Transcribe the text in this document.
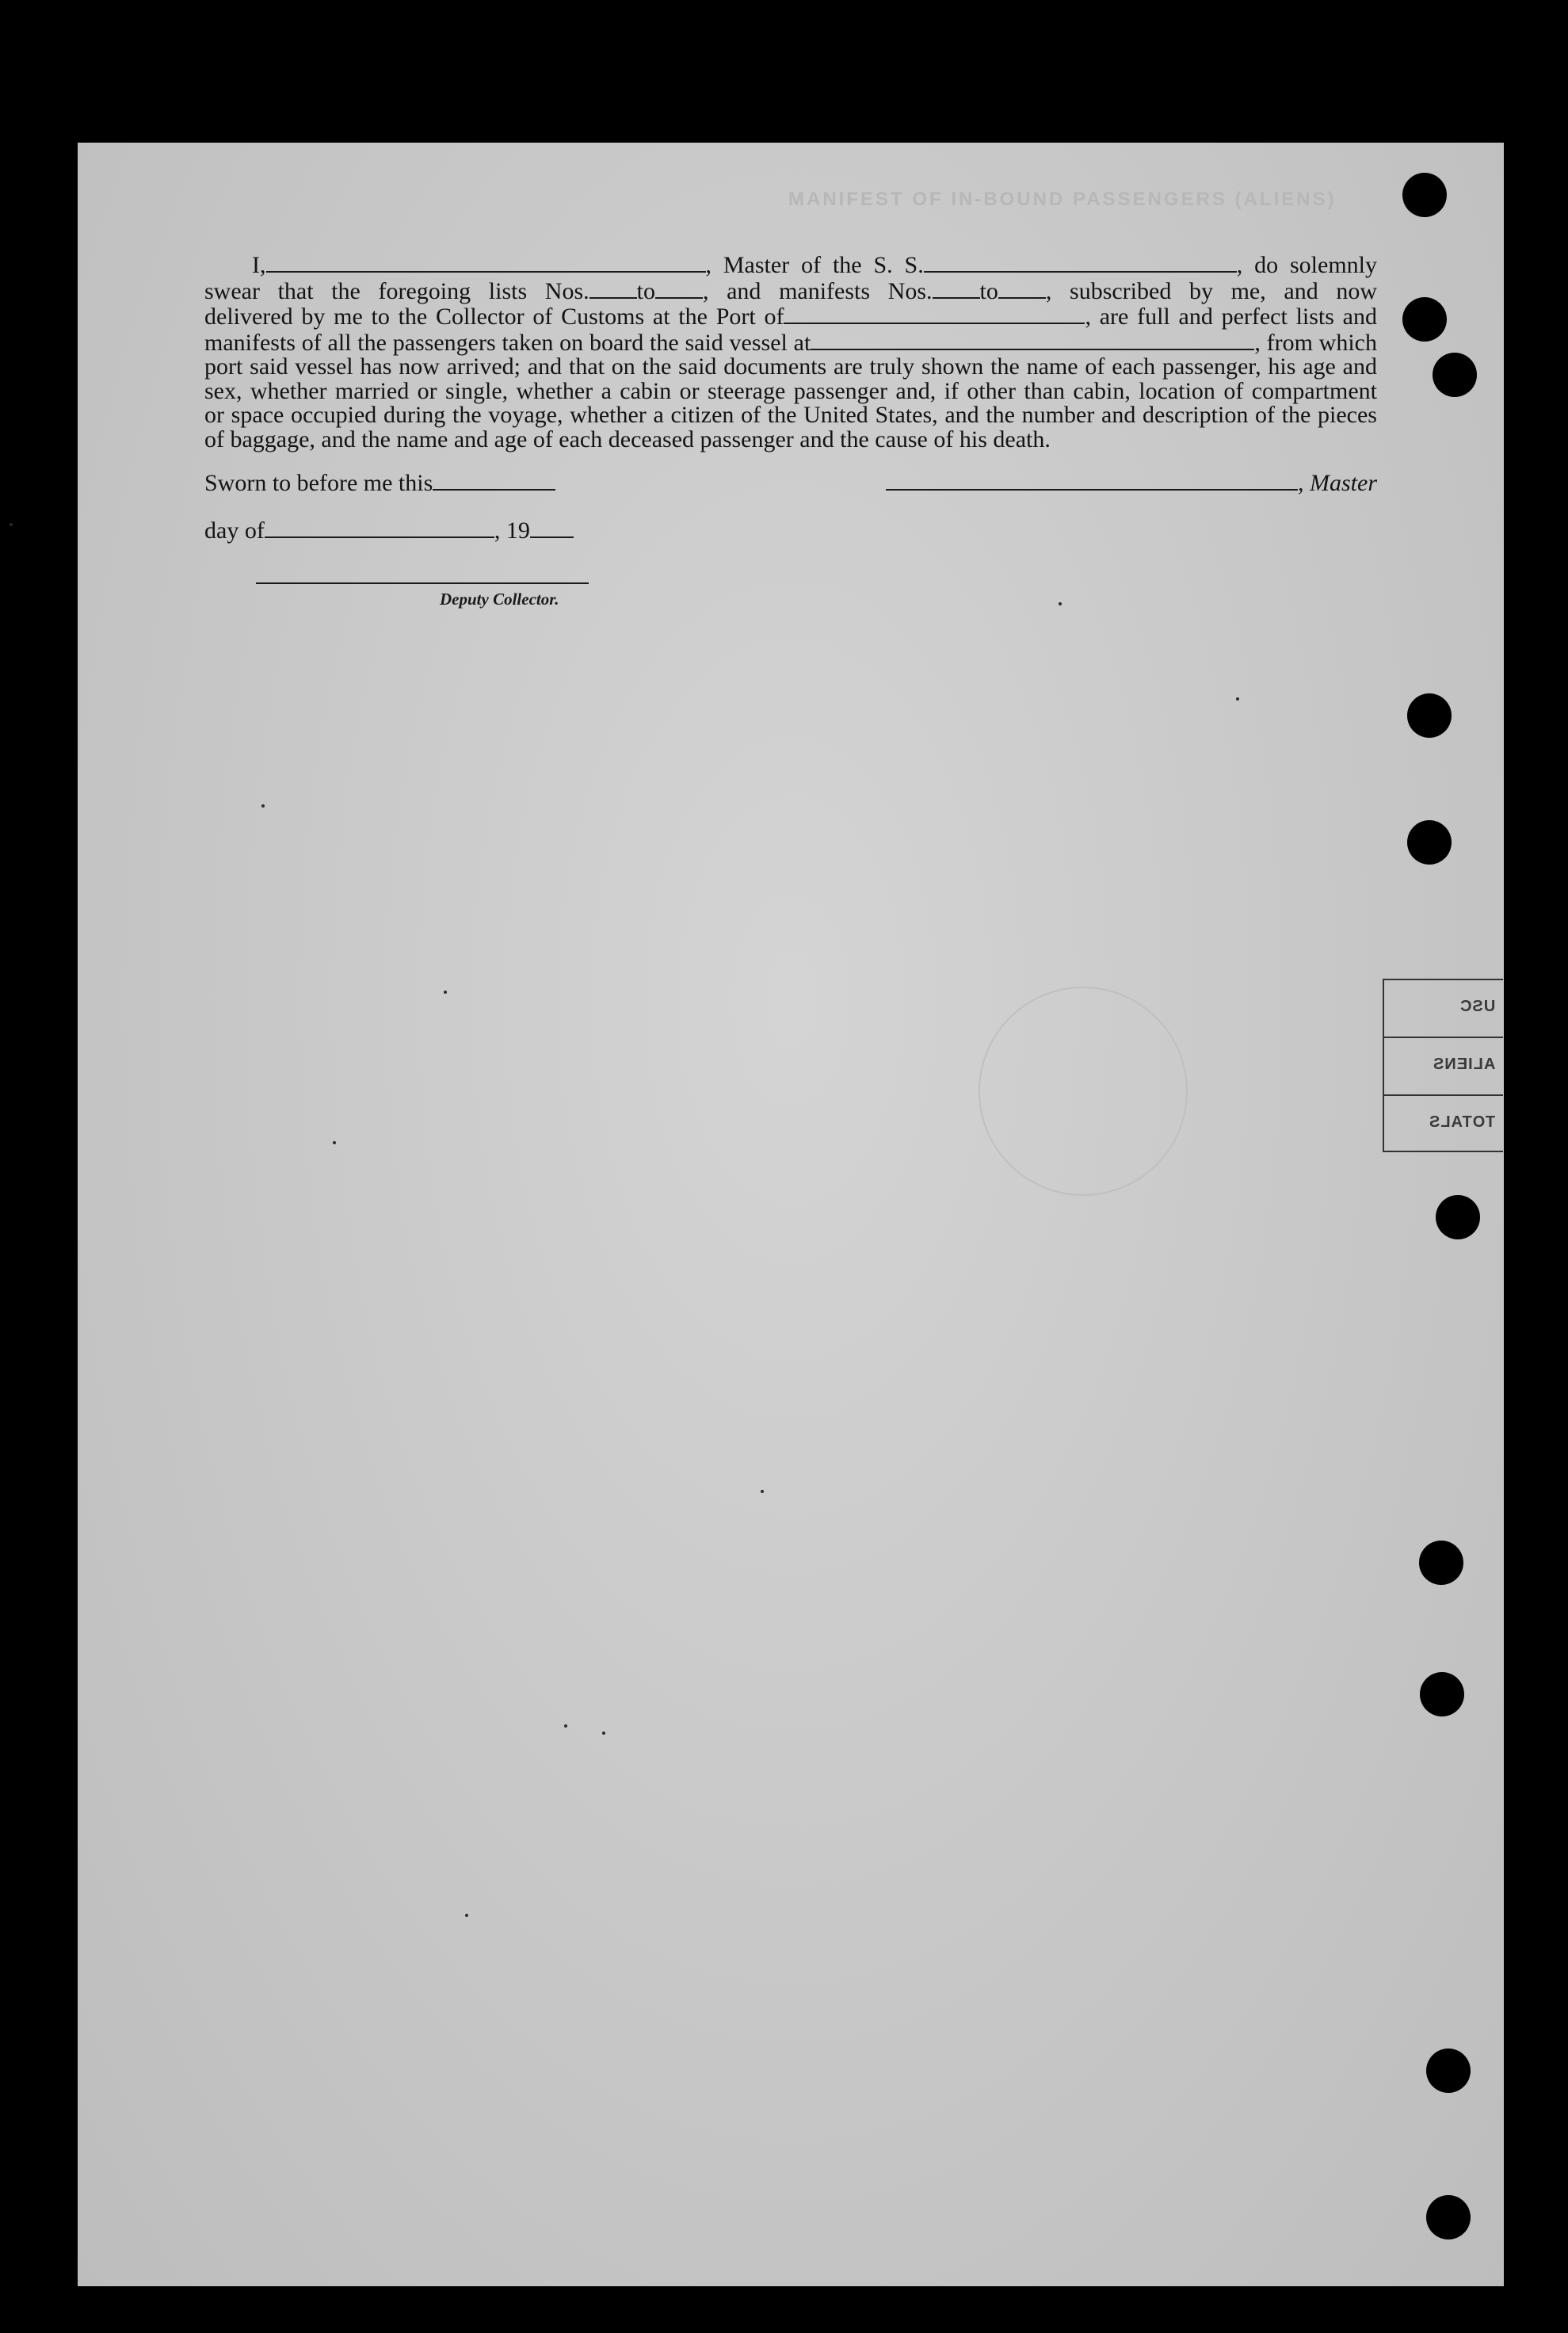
MANIFEST OF IN-BOUND PASSENGERS (ALIENS)
I,	, Master of the S. S.	, do solemnly
swear that the foregoing lists Nos. to , and manifests Nos. to , subscribed by me, and now
delivered by me to the Collector of Customs at the Port of	, are full and perfect lists and
manifests of all the passengers taken on board the said vessel at	, from which
port said vessel has now arrived; and that on the said documents are truly shown the name of each passenger, his age and
sex, whether married or single, whether a cabin or steerage passenger and, if other than cabin, location of compartment
or space occupied during the voyage, whether a citizen of the United States, and the number and description of the pieces
of baggage, and the name and age of each deceased passenger and the cause of his death.
Sworn to before me this	, Master
day of	, 19
Deputy Collector.
USC
ALIENS
TOTALS
